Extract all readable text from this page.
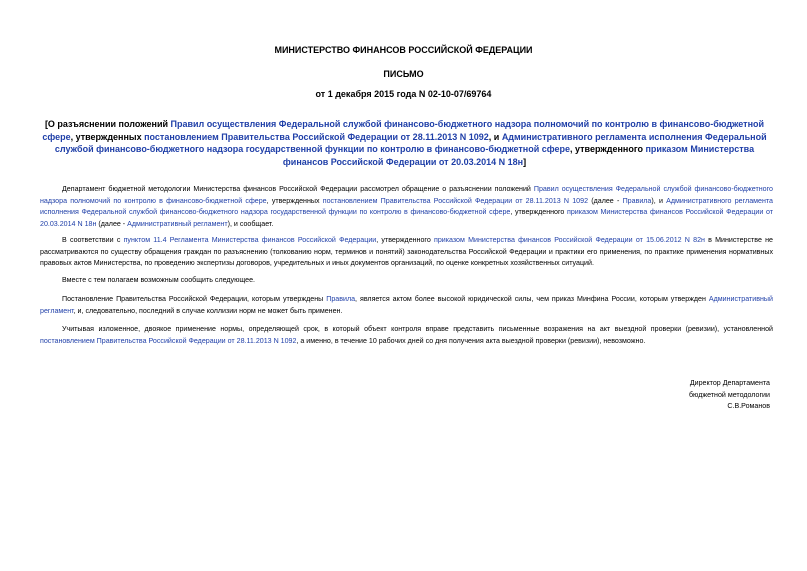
МИНИСТЕРСТВО ФИНАНСОВ РОССИЙСКОЙ ФЕДЕРАЦИИ
ПИСЬМО
от 1 декабря 2015 года N 02-10-07/69764
[О разъяснении положений Правил осуществления Федеральной службой финансово-бюджетного надзора полномочий по контролю в финансово-бюджетной сфере, утвержденных постановлением Правительства Российской Федерации от 28.11.2013 N 1092, и Административного регламента исполнения Федеральной службой финансово-бюджетного надзора государственной функции по контролю в финансово-бюджетной сфере, утвержденного приказом Министерства финансов Российской Федерации от 20.03.2014 N 18н]
Департамент бюджетной методологии Министерства финансов Российской Федерации рассмотрел обращение о разъяснении положений Правил осуществления Федеральной службой финансово-бюджетного надзора полномочий по контролю в финансово-бюджетной сфере, утвержденных постановлением Правительства Российской Федерации от 28.11.2013 N 1092 (далее - Правила), и Административного регламента исполнения Федеральной службой финансово-бюджетного надзора государственной функции по контролю в финансово-бюджетной сфере, утвержденного приказом Министерства финансов Российской Федерации от 20.03.2014 N 18н (далее - Административный регламент), и сообщает.
В соответствии с пунктом 11.4 Регламента Министерства финансов Российской Федерации, утвержденного приказом Министерства финансов Российской Федерации от 15.06.2012 N 82н в Министерстве не рассматриваются по существу обращения граждан по разъяснению (толкованию норм, терминов и понятий) законодательства Российской Федерации и практики его применения, по практике применения нормативных правовых актов Министерства, по проведению экспертизы договоров, учредительных и иных документов организаций, по оценке конкретных хозяйственных ситуаций.
Вместе с тем полагаем возможным сообщить следующее.
Постановление Правительства Российской Федерации, которым утверждены Правила, является актом более высокой юридической силы, чем приказ Минфина России, которым утвержден Административный регламент, и, следовательно, последний в случае коллизии норм не может быть применен.
Учитывая изложенное, двоякое применение нормы, определяющей срок, в который объект контроля вправе представить письменные возражения на акт выездной проверки (ревизии), установленной постановлением Правительства Российской Федерации от 28.11.2013 N 1092, а именно, в течение 10 рабочих дней со дня получения акта выездной проверки (ревизии), невозможно.
Директор Департамента
бюджетной методологии
С.В.Романов
